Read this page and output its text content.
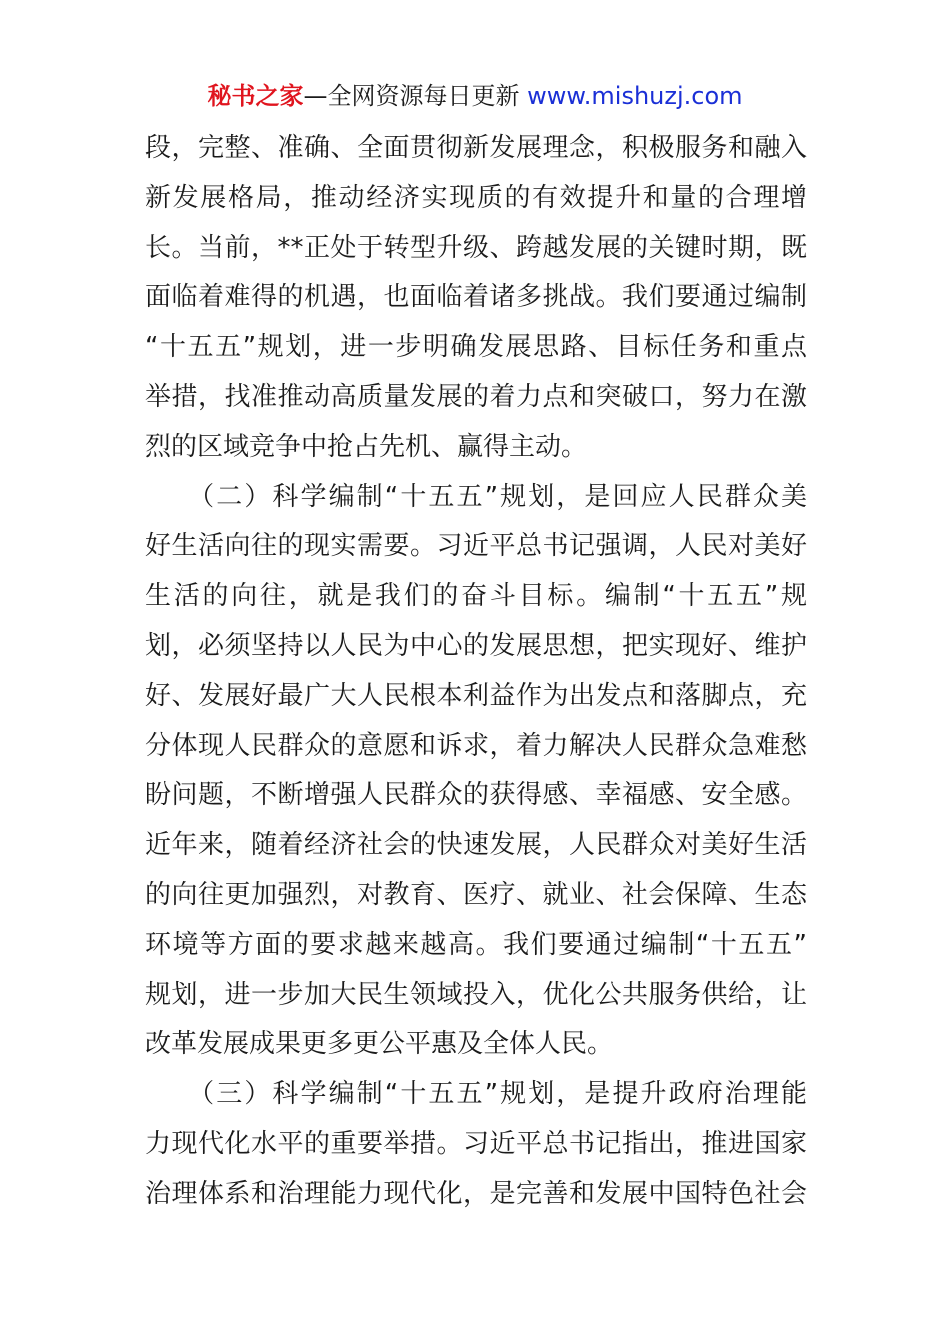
秘书之家—全网资源每日更新 www.mishuzj.com
段，完整、准确、全面贯彻新发展理念，积极服务和融入
新发展格局，推动经济实现质的有效提升和量的合理增
长。当前，**正处于转型升级、跨越发展的关键时期，既
面临着难得的机遇，也面临着诸多挑战。我们要通过编制
“十五五”规划，进一步明确发展思路、目标任务和重点
举措，找准推动高质量发展的着力点和突破口，努力在激
烈的区域竞争中抢占先机、赢得主动。
　　（二）科学编制“十五五”规划，是回应人民群众美
好生活向往的现实需要。习近平总书记强调，人民对美好
生活的向往，就是我们的奋斗目标。编制“十五五”规
划，必须坚持以人民为中心的发展思想，把实现好、维护
好、发展好最广大人民根本利益作为出发点和落脚点，充
分体现人民群众的意愿和诉求，着力解决人民群众急难愁
盼问题，不断增强人民群众的获得感、幸福感、安全感。
近年来，随着经济社会的快速发展，人民群众对美好生活
的向往更加强烈，对教育、医疗、就业、社会保障、生态
环境等方面的要求越来越高。我们要通过编制“十五五”
规划，进一步加大民生领域投入，优化公共服务供给，让
改革发展成果更多更公平惠及全体人民。
　　（三）科学编制“十五五”规划，是提升政府治理能
力现代化水平的重要举措。习近平总书记指出，推进国家
治理体系和治理能力现代化，是完善和发展中国特色社会
